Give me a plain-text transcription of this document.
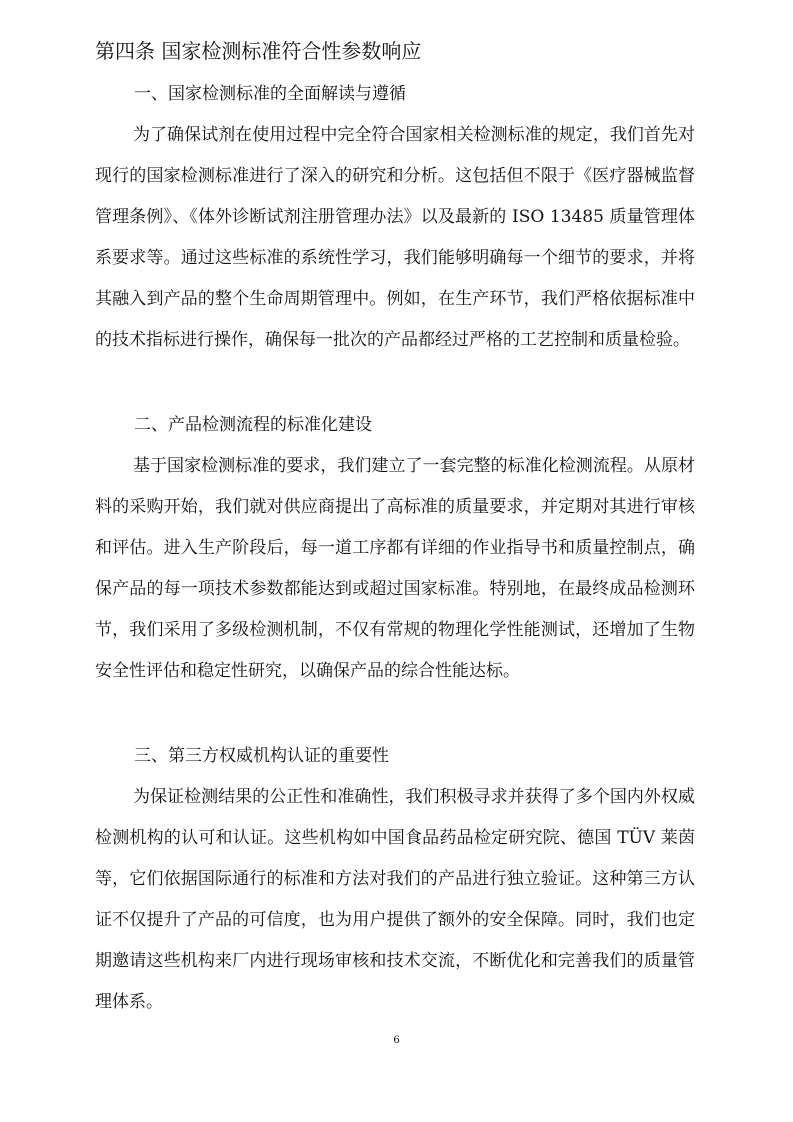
第四条 国家检测标准符合性参数响应
一、国家检测标准的全面解读与遵循

为了确保试剂在使用过程中完全符合国家相关检测标准的规定，我们首先对现行的国家检测标准进行了深入的研究和分析。这包括但不限于《医疗器械监督管理条例》、《体外诊断试剂注册管理办法》以及最新的 ISO 13485 质量管理体系要求等。通过这些标准的系统性学习，我们能够明确每一个细节的要求，并将其融入到产品的整个生命周期管理中。例如，在生产环节，我们严格依据标准中的技术指标进行操作，确保每一批次的产品都经过严格的工艺控制和质量检验。

二、产品检测流程的标准化建设

基于国家检测标准的要求，我们建立了一套完整的标准化检测流程。从原材料的采购开始，我们就对供应商提出了高标准的质量要求，并定期对其进行审核和评估。进入生产阶段后，每一道工序都有详细的作业指导书和质量控制点，确保产品的每一项技术参数都能达到或超过国家标准。特别地，在最终成品检测环节，我们采用了多级检测机制，不仅有常规的物理化学性能测试，还增加了生物安全性评估和稳定性研究，以确保产品的综合性能达标。

三、第三方权威机构认证的重要性

为保证检测结果的公正性和准确性，我们积极寻求并获得了多个国内外权威检测机构的认可和认证。这些机构如中国食品药品检定研究院、德国 TÜV 莱茵等，它们依据国际通行的标准和方法对我们的产品进行独立验证。这种第三方认证不仅提升了产品的可信度，也为用户提供了额外的安全保障。同时，我们也定期邀请这些机构来厂内进行现场审核和技术交流，不断优化和完善我们的质量管理体系。

6
